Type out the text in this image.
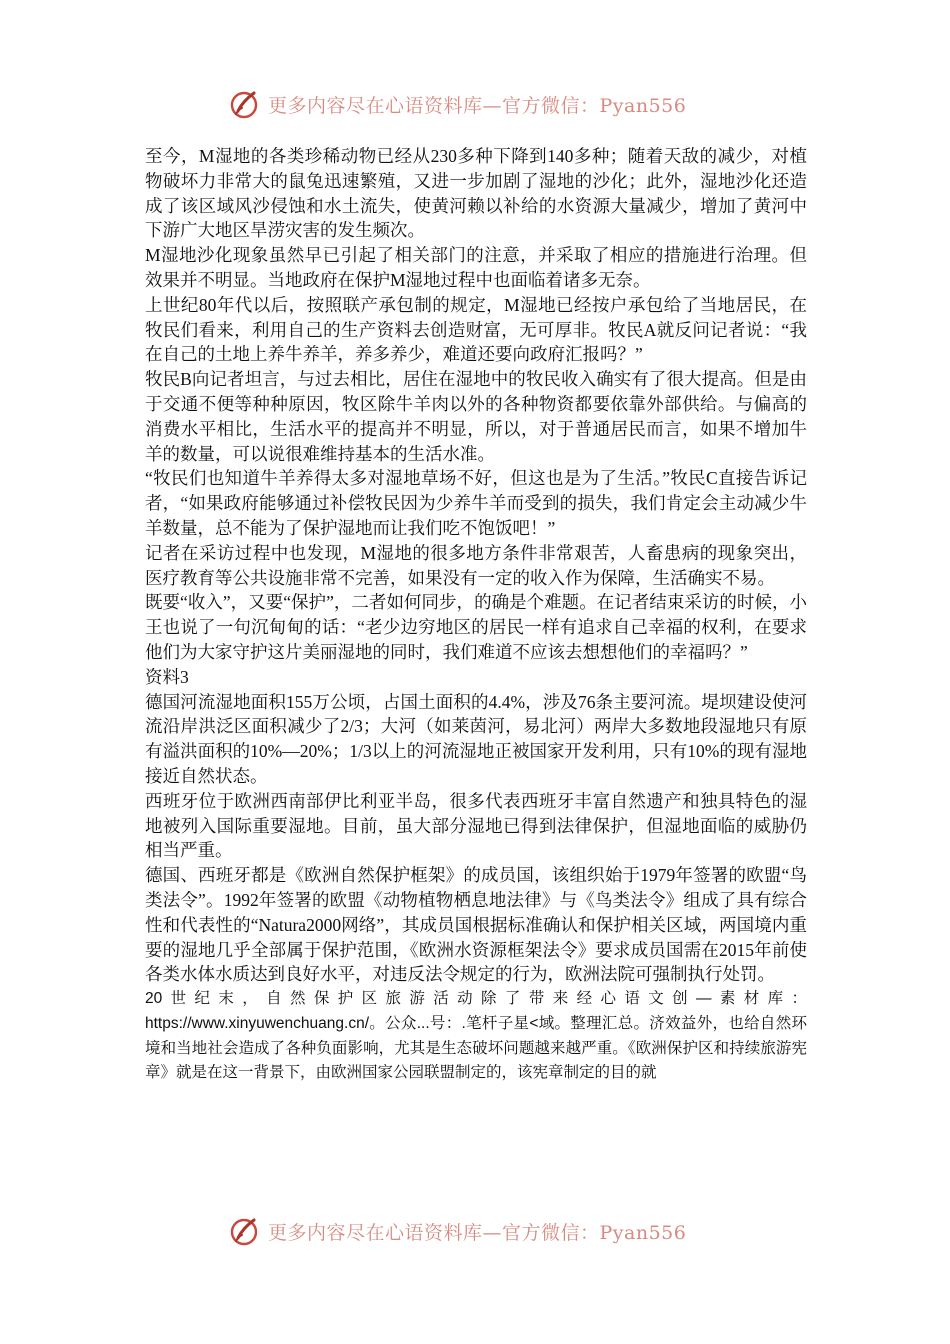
更多内容尽在心语资料库—官方微信：Pyan556

至今，M湿地的各类珍稀动物已经从230多种下降到140多种；随着天敌的减少，对植物破坏力非常大的鼠兔迅速繁殖，又进一步加剧了湿地的沙化；此外，湿地沙化还造成了该区域风沙侵蚀和水土流失，使黄河赖以补给的水资源大量减少，增加了黄河中下游广大地区旱涝灾害的发生频次。

M湿地沙化现象虽然早已引起了相关部门的注意，并采取了相应的措施进行治理。但效果并不明显。当地政府在保护M湿地过程中也面临着诸多无奈。

上世纪80年代以后，按照联产承包制的规定，M湿地已经按户承包给了当地居民，在牧民们看来，利用自己的生产资料去创造财富，无可厚非。牧民A就反问记者说：“我在自己的土地上养牛养羊，养多养少，难道还要向政府汇报吗？”

牧民B向记者坦言，与过去相比，居住在湿地中的牧民收入确实有了很大提高。但是由于交通不便等种种原因，牧区除牛羊肉以外的各种物资都要依靠外部供给。与偏高的消费水平相比，生活水平的提高并不明显，所以，对于普通居民而言，如果不增加牛羊的数量，可以说很难维持基本的生活水准。

“牧民们也知道牛羊养得太多对湿地草场不好，但这也是为了生活。”牧民C直接告诉记者，“如果政府能够通过补偿牧民因为少养牛羊而受到的损失，我们肯定会主动减少牛羊数量，总不能为了保护湿地而让我们吃不饱饭吧！”

记者在采访过程中也发现，M湿地的很多地方条件非常艰苦，人畜患病的现象突出，医疗教育等公共设施非常不完善，如果没有一定的收入作为保障，生活确实不易。

既要“收入”，又要“保护”，二者如何同步，的确是个难题。在记者结束采访的时候，小王也说了一句沉甸甸的话：“老少边穷地区的居民一样有追求自己幸福的权利，在要求他们为大家守护这片美丽湿地的同时，我们难道不应该去想想他们的幸福吗？”

资料3

德国河流湿地面积155万公顷，占国土面积的4.4%，涉及76条主要河流。堤坝建设使河流沿岸洪泛区面积减少了2/3；大河（如莱茵河，易北河）两岸大多数地段湿地只有原有溢洪面积的10%—20%；1/3以上的河流湿地正被国家开发利用，只有10%的现有湿地接近自然状态。

西班牙位于欧洲西南部伊比利亚半岛，很多代表西班牙丰富自然遗产和独具特色的湿地被列入国际重要湿地。目前，虽大部分湿地已得到法律保护，但湿地面临的威胁仍相当严重。

德国、西班牙都是《欧洲自然保护框架》的成员国，该组织始于1979年签署的欧盟“鸟类法令”。1992年签署的欧盟《动物植物栖息地法律》与《鸟类法令》组成了具有综合性和代表性的“Natura2000网络”，其成员国根据标准确认和保护相关区域，两国境内重要的湿地几乎全部属于保护范围，《欧洲水资源框架法令》要求成员国需在2015年前使各类水体水质达到良好水平，对违反法令规定的行为，欧洲法院可强制执行处罚。

20世纪末，自然保护区旅游活动除了带来经心语文创—素材库：https://www.xinyuwenchuang.cn/。公众...号：.笔杆子星<域。整理汇总。济效益外，也给自然环境和当地社会造成了各种负面影响，尤其是生态破坏问题越来越严重。《欧洲保护区和持续旅游宪章》就是在这一背景下，由欧洲国家公园联盟制定的，该宪章制定的目的就

更多内容尽在心语资料库—官方微信：Pyan556
